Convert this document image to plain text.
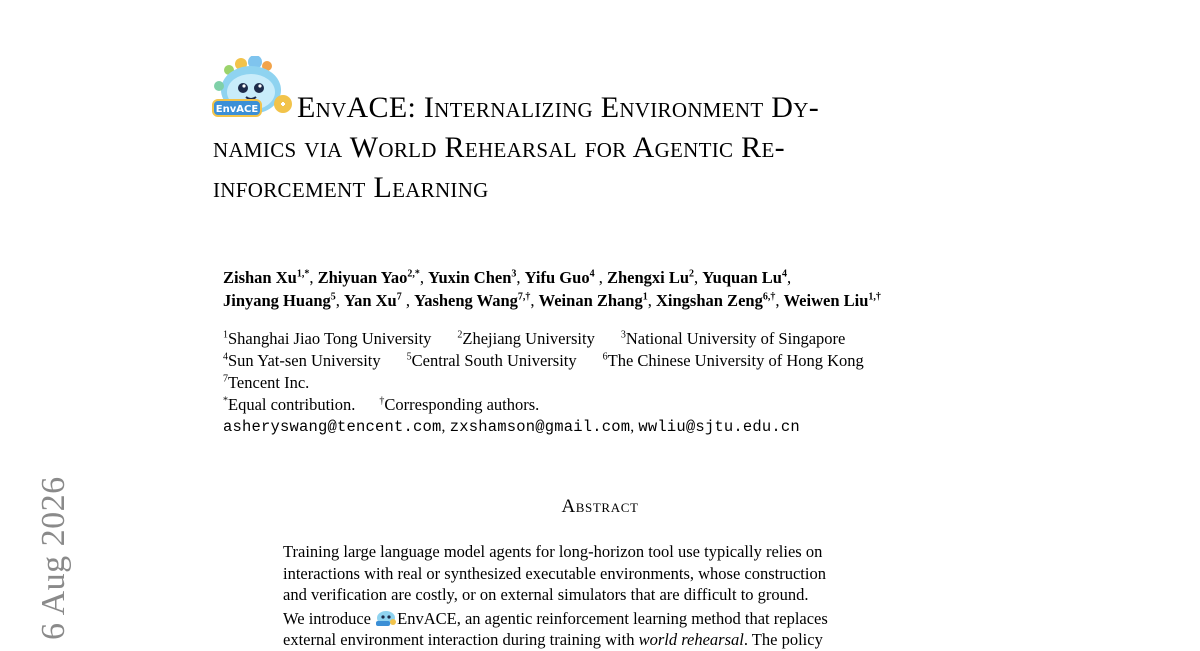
EnvACE	EnvACE: Internalizing Environment Dy-
namics via World Rehearsal for Agentic Re-
inforcement Learning
Zishan $Xu^{1,*}$, Zhiyuan Yao$^{2,*}$, Yuxin Chen$^3$, Yifu Guo$^4$ , Zhengxi Lu$^2$, Yuquan Lu$^4$,
Jinyang Huang$^5$, Yan Xu$^7$ , Yasheng Wang$^{7,\dagger}$, Weinan Zhang$^1$, Xingshan Zeng$^{6,\dagger}$, Weiwen Liu$^{1,\dagger}$
$^1$Shanghai Jiao Tong University	$^2$Zhejiang University	$^3$National University of Singapore
$^4$Sun Yat-sen University	$^5$Central South University	$^6$The Chinese University of Hong Kong
$^7$Tencent Inc.
*Equal contribution. †Corresponding authors.
asheryswang@tencent.com, zxshamson@gmail.com, wwliu@sjtu.edu.cn
6 Aug 2026	Abstract
Training large language model agents for long-horizon tool use typically relies on
interactions with real or synthesized executable environments, whose construction
and verification are costly, or on external simulators that are difficult to ground.
We introduce EnvACE, an agentic reinforcement learning method that replaces
external environment interaction during training with world rehearsal. The policy
